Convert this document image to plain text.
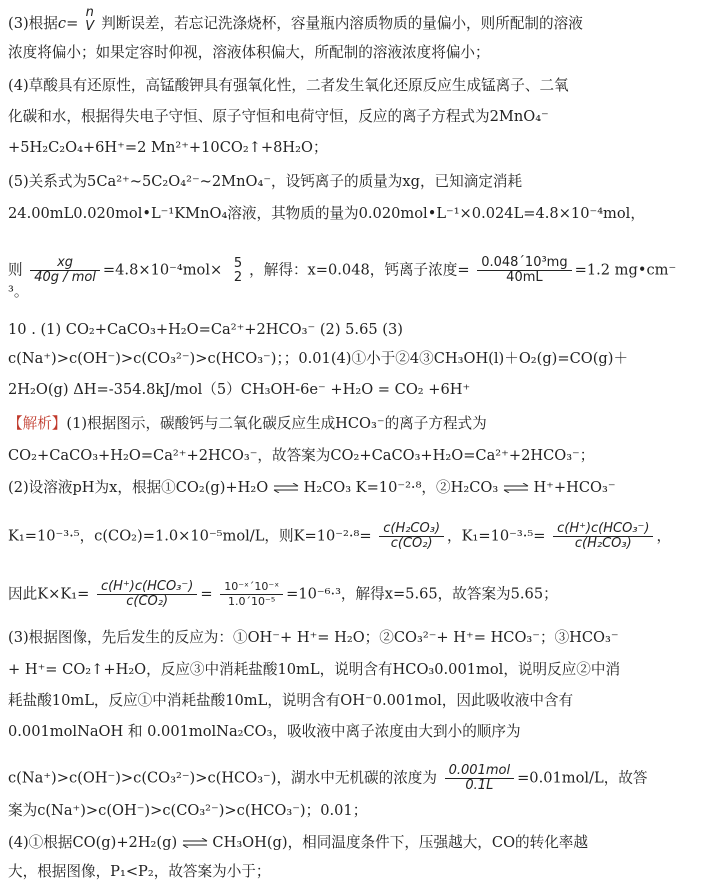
(3)根据c=
n
V 判断误差，若忘记洗涤烧杯，容量瓶内溶质物质的量偏小，则所配制的溶液
浓度将偏小；如果定容时仰视，溶液体积偏大，所配制的溶液浓度将偏小；
(4)草酸具有还原性，高锰酸钾具有强氧化性，二者发生氧化还原反应生成锰离子、二氧
化碳和水，根据得失电子守恒、原子守恒和电荷守恒，反应的离子方程式为2MnO₄⁻
+5H₂C₂O₄+6H⁺=2 Mn²⁺+10CO₂↑+8H₂O；
(5)关系式为5Ca²⁺~5C₂O₄²⁻~2MnO₄⁻，设钙离子的质量为xg，已知滴定消耗
24.00mL0.020mol•L⁻¹KMnO₄溶液，其物质的量为0.020mol•L⁻¹×0.024L=4.8×10⁻⁴mol，
则 $\frac{xg}{\text{40g / mol}} =4.8\times 10^{-4}mol\times 5$
2 ，解得：x=0.048，钙离子浓度= $\frac{\text{0.048´10³mg}}{40mL} =1.2$ mg•cm⁻
³。
10 . (1) CO₂+CaCO₃+H₂O=Ca²⁺+2HCO₃⁻ (2) 5.65 (3)
c(Na⁺)>c(OH⁻)>c(CO₃²⁻)>c(HCO₃⁻)；；0.01(4)①小于②4③CH₃OH(l)＋O₂(g)=CO(g)＋
2H₂O(g) ΔH=-354.8kJ/mol（5）CH₃OH-6e⁻ +H₂O = CO₂ +6H⁺
【解析】(1)根据图示，碳酸钙与二氧化碳反应生成HCO₃⁻的离子方程式为
CO₂+CaCO₃+H₂O=Ca²⁺+2HCO₃⁻，故答案为CO₂+CaCO₃+H₂O=Ca²⁺+2HCO₃⁻；
(2)设溶液pH为x，根据①CO₂(g)+H₂O ⇌ H₂CO₃ K=10⁻²·⁸，②H₂CO₃ ⇌ H⁺+HCO₃⁻
K₁=10⁻³·⁵，c(CO₂)=1.0×10⁻⁵mol/L，则$K=10^{-2}\cdot^8= \frac{\text{c(H₂CO₃)}}{\text{c(CO₂)}}$ ，$K_1=10^{-3}\cdot^5= \frac{\text{c(H⁺)c(HCO₃⁻)}}{\text{c(H₂CO₃)}}$ ，
因此$K\times K_1= \frac{\text{c(H⁺)c(HCO₃⁻)}}{\text{c(CO₂)}} = \frac{\text{10⁻ˣ´10⁻ˣ}}{\text{1.0´10⁻⁵}} =10^{-6}\cdot^3$，解得x=5.65，故答案为5.65；
(3)根据图像，先后发生的反应为：①OH⁻+ H⁺= H₂O；②CO₃²⁻+ H⁺= HCO₃⁻；③HCO₃⁻
+ H⁺= CO₂↑+H₂O，反应③中消耗盐酸10mL，说明含有HCO₃0.001mol，说明反应②中消
耗盐酸10mL，反应①中消耗盐酸10mL，说明含有OH⁻0.001mol，因此吸收液中含有
0.001molNaOH 和 0.001molNa₂CO₃，吸收液中离子浓度由大到小的顺序为
c(Na⁺)>c(OH⁻)>c(CO₃²⁻)>c(HCO₃⁻)，湖水中无机碳的浓度为 $\frac{\text{0.001mol}}{0.1L} =0.01mol/L$，故答
案为c(Na⁺)>c(OH⁻)>c(CO₃²⁻)>c(HCO₃⁻)；0.01；
(4)①根据CO(g)+2H₂(g) ⇌ CH₃OH(g)，相同温度条件下，压强越大，CO的转化率越
大，根据图像，P₁<P₂，故答案为小于；
